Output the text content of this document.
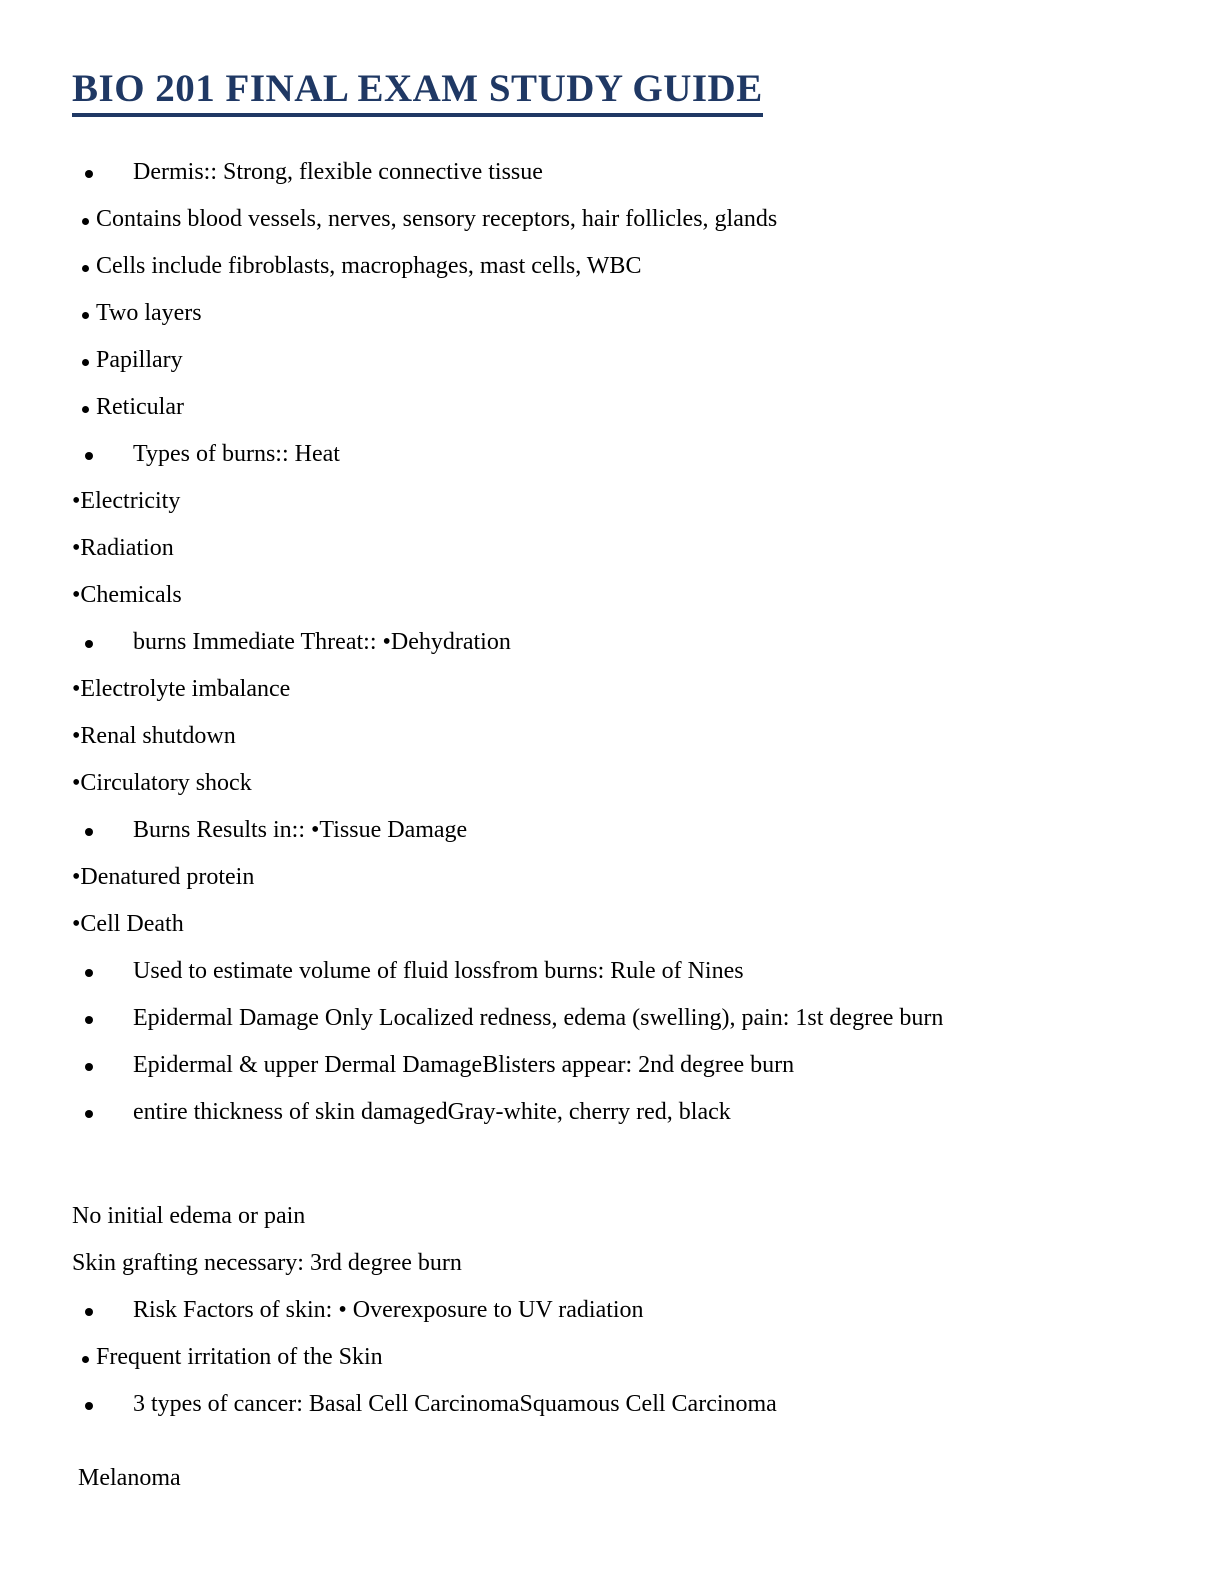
BIO 201 FINAL EXAM STUDY GUIDE
Dermis:: Strong, flexible connective tissue
Contains blood vessels, nerves, sensory receptors, hair follicles, glands
Cells include fibroblasts, macrophages, mast cells, WBC
Two layers
Papillary
Reticular
Types of burns:: Heat
•Electricity
•Radiation
•Chemicals
burns Immediate Threat:: •Dehydration
•Electrolyte imbalance
•Renal shutdown
•Circulatory shock
Burns Results in:: •Tissue Damage
•Denatured protein
•Cell Death
Used to estimate volume of fluid lossfrom burns: Rule of Nines
Epidermal Damage Only Localized redness, edema (swelling), pain: 1st degree burn
Epidermal & upper Dermal DamageBlisters appear: 2nd degree burn
entire thickness of skin damagedGray-white, cherry red, black
No initial edema or pain
Skin grafting necessary: 3rd degree burn
Risk Factors of skin: • Overexposure to UV radiation
Frequent irritation of the Skin
3 types of cancer: Basal Cell CarcinomaSquamous Cell Carcinoma
Melanoma
